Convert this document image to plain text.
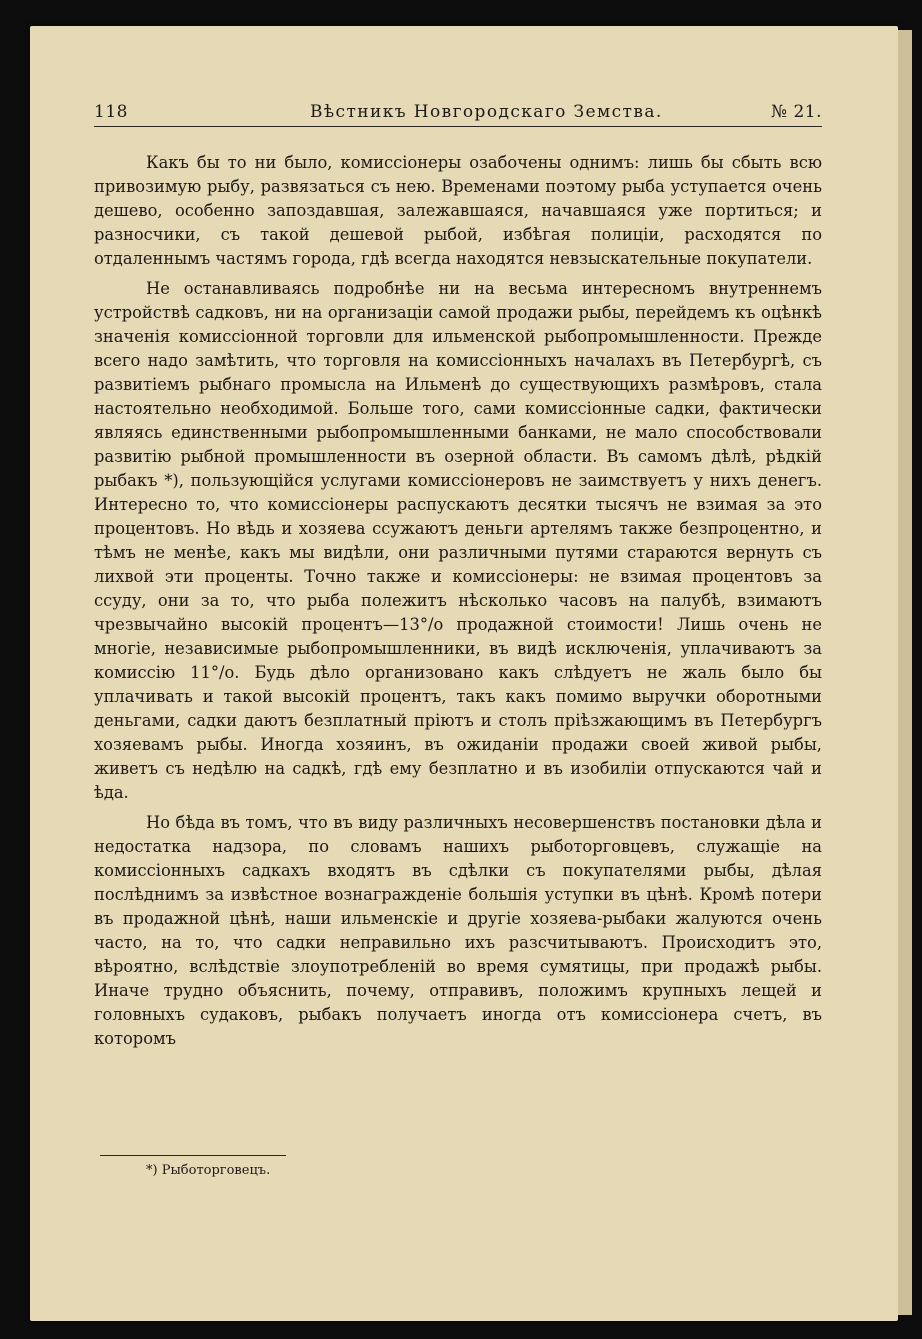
118	Вѣстникъ Новгородскаго Земства.	№ 21.

Какъ бы то ни было, комиссіонеры озабочены однимъ: лишь бы сбыть всю привозимую рыбу, развязаться съ нею. Временами поэтому рыба уступается очень дешево, особенно запоздавшая, залежавшаяся, начавшаяся уже портиться; и разносчики, съ такой дешевой рыбой, избѣгая полиціи, расходятся по отдаленнымъ частямъ города, гдѣ всегда находятся невзыскательные покупатели.

Не останавливаясь подробнѣе ни на весьма интересномъ внутреннемъ устройствѣ садковъ, ни на организаціи самой продажи рыбы, перейдемъ къ оцѣнкѣ значенія комиссіонной торговли для ильменской рыбопромышленности. Прежде всего надо замѣтить, что торговля на комиссіонныхъ началахъ въ Петербургѣ, съ развитіемъ рыбнаго промысла на Ильменѣ до существующихъ размѣровъ, стала настоятельно необходимой. Больше того, сами комиссіонные садки, фактически являясь единственными рыбопромышленными банками, не мало способствовали развитію рыбной промышленности въ озерной области. Въ самомъ дѣлѣ, рѣдкій рыбакъ *), пользующійся услугами комиссіонеровъ не заимствуетъ у нихъ денегъ. Интересно то, что комиссіонеры распускаютъ десятки тысячъ не взимая за это процентовъ. Но вѣдь и хозяева ссужаютъ деньги артелямъ также безпроцентно, и тѣмъ не менѣе, какъ мы видѣли, они различными путями стараются вернуть съ лихвой эти проценты. Точно также и комиссіонеры: не взимая процентовъ за ссуду, они за то, что рыба полежитъ нѣсколько часовъ на палубѣ, взимаютъ чрезвычайно высокій процентъ—13°/о продажной стоимости! Лишь очень не многіе, независимые рыбопромышленники, въ видѣ исключенія, уплачиваютъ за комиссію 11°/о. Будь дѣло организовано какъ слѣдуетъ не жаль было бы уплачивать и такой высокій процентъ, такъ какъ помимо выручки оборотными деньгами, садки даютъ безплатный пріютъ и столъ пріѣзжающимъ въ Петербургъ хозяевамъ рыбы. Иногда хозяинъ, въ ожиданіи продажи своей живой рыбы, живетъ съ недѣлю на садкѣ, гдѣ ему безплатно и въ изобиліи отпускаются чай и ѣда.

Но бѣда въ томъ, что въ виду различныхъ несовершенствъ постановки дѣла и недостатка надзора, по словамъ нашихъ рыботорговцевъ, служащіе на комиссіонныхъ садкахъ входятъ въ сдѣлки съ покупателями рыбы, дѣлая послѣднимъ за извѣстное вознагражденіе большія уступки въ цѣнѣ. Кромѣ потери въ продажной цѣнѣ, наши ильменскіе и другіе хозяева-рыбаки жалуются очень часто, на то, что садки неправильно ихъ разсчитываютъ. Происходитъ это, вѣроятно, вслѣдствіе злоупотребленій во время сумятицы, при продажѣ рыбы. Иначе трудно объяснить, почему, отправивъ, положимъ крупныхъ лещей и головныхъ судаковъ, рыбакъ получаетъ иногда отъ комиссіонера счетъ, въ которомъ

*) Рыботорговецъ.
